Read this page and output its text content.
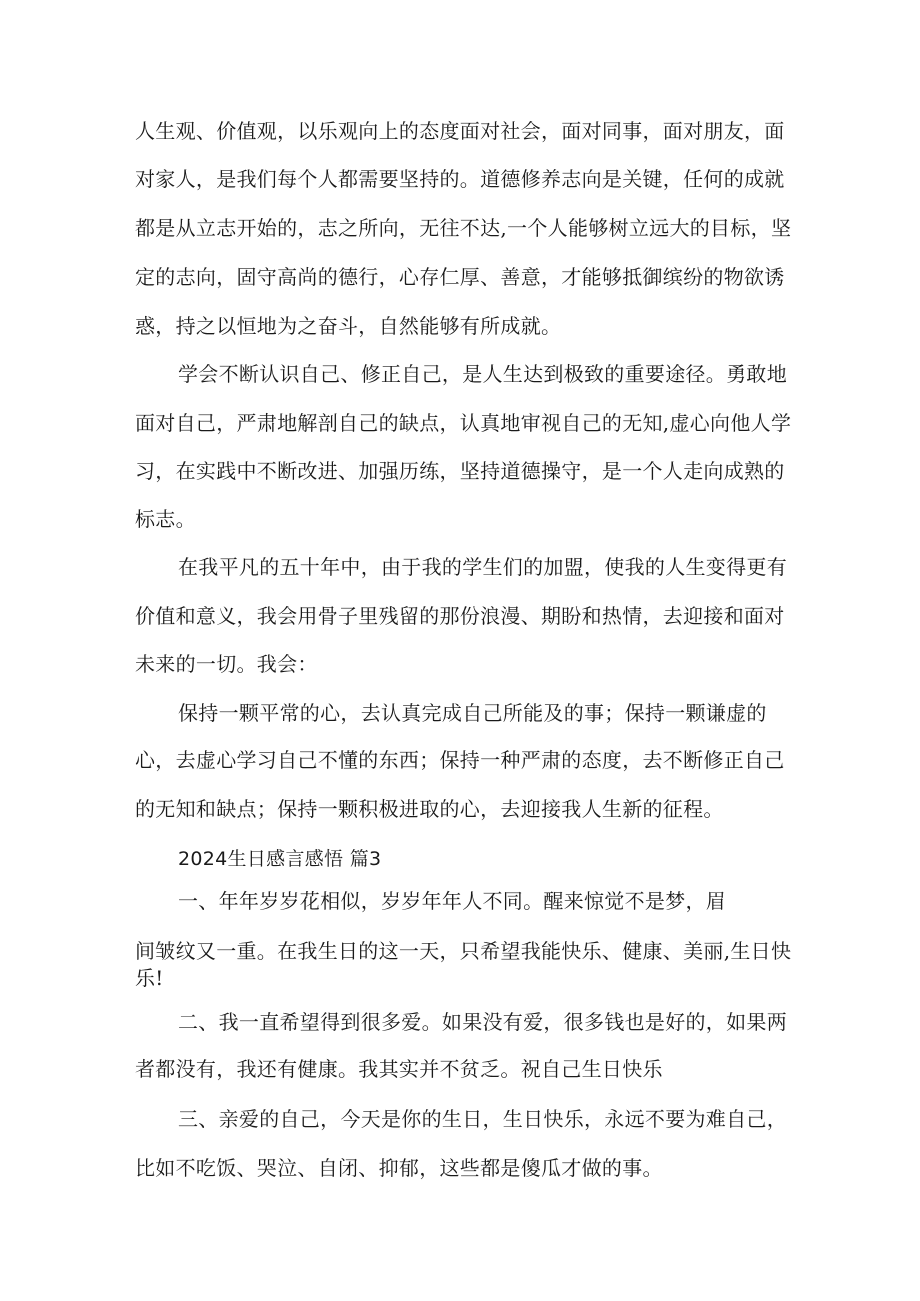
人生观、价值观，以乐观向上的态度面对社会，面对同事，面对朋友，面
对家人，是我们每个人都需要坚持的。道德修养志向是关键，任何的成就
都是从立志开始的，志之所向，无往不达,一个人能够树立远大的目标，坚
定的志向，固守高尚的德行，心存仁厚、善意，才能够抵御缤纷的物欲诱
惑，持之以恒地为之奋斗，自然能够有所成就。
学会不断认识自己、修正自己，是人生达到极致的重要途径。勇敢地
面对自己，严肃地解剖自己的缺点，认真地审视自己的无知,虚心向他人学
习，在实践中不断改进、加强历练，坚持道德操守，是一个人走向成熟的
标志。
在我平凡的五十年中，由于我的学生们的加盟，使我的人生变得更有
价值和意义，我会用骨子里残留的那份浪漫、期盼和热情，去迎接和面对
未来的一切。我会：
保持一颗平常的心，去认真完成自己所能及的事；保持一颗谦虚的
心，去虚心学习自己不懂的东西；保持一种严肃的态度，去不断修正自己
的无知和缺点；保持一颗积极进取的心，去迎接我人生新的征程。
2024生日感言感悟 篇3
一、年年岁岁花相似，岁岁年年人不同。醒来惊觉不是梦，眉
间皱纹又一重。在我生日的这一天，只希望我能快乐、健康、美丽,生日快
乐!
二、我一直希望得到很多爱。如果没有爱，很多钱也是好的，如果两
者都没有，我还有健康。我其实并不贫乏。祝自己生日快乐
三、亲爱的自己，今天是你的生日，生日快乐，永远不要为难自己，
比如不吃饭、哭泣、自闭、抑郁，这些都是傻瓜才做的事。
